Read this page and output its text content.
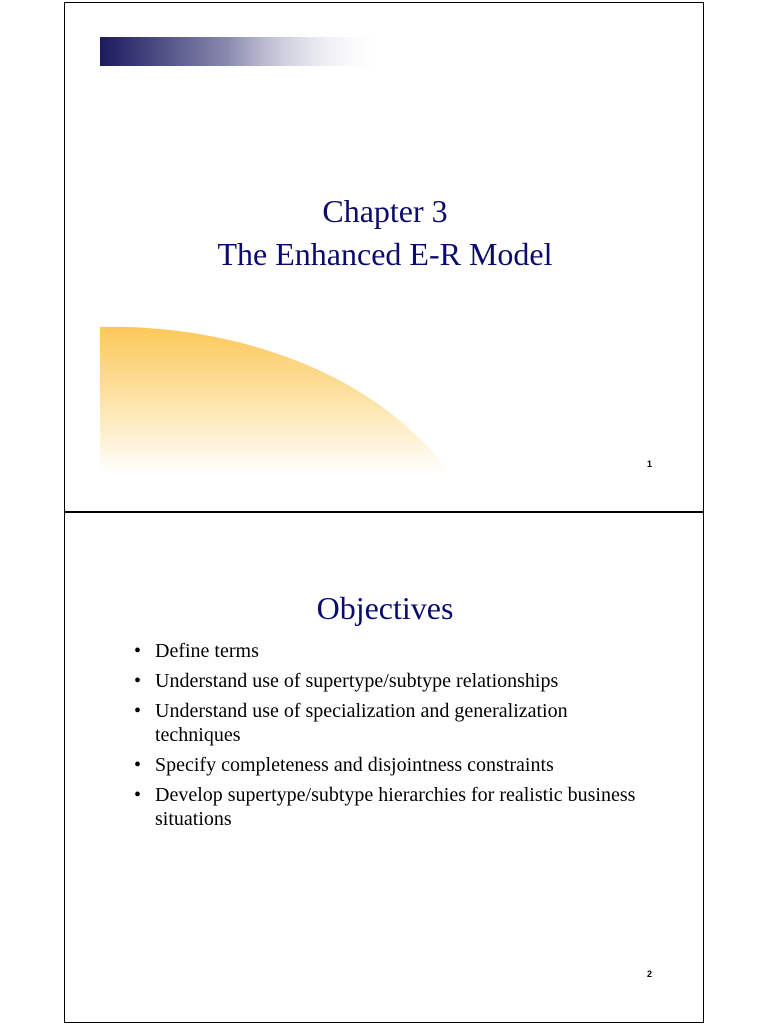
Chapter 3
The Enhanced E-R Model
1
Objectives
• Define terms
• Understand use of supertype/subtype relationships
• Understand use of specialization and generalization techniques
• Specify completeness and disjointness constraints
• Develop supertype/subtype hierarchies for realistic business situations
2
